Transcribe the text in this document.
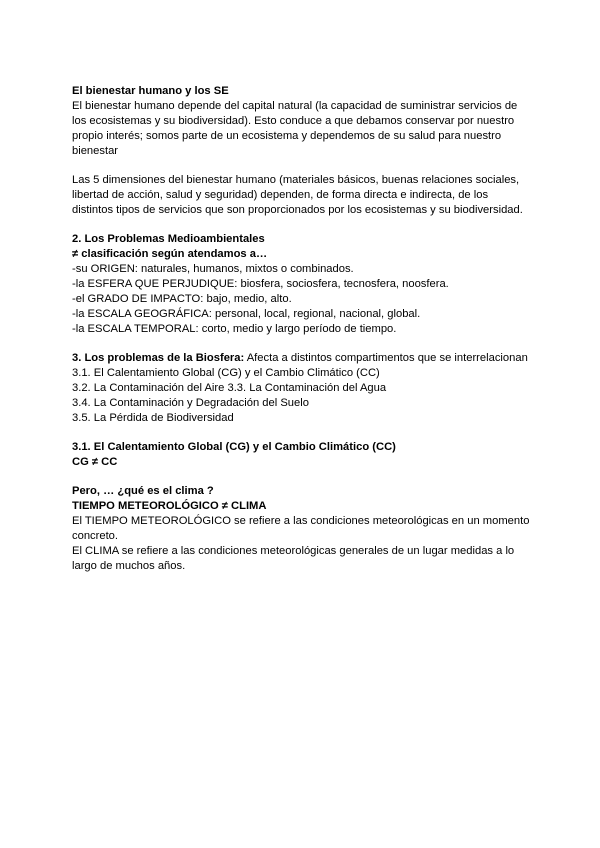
El bienestar humano y los SE

El bienestar humano depende del capital natural (la capacidad de suministrar servicios de los ecosistemas y su biodiversidad). Esto conduce a que debamos conservar por nuestro propio interés; somos parte de un ecosistema y dependemos de su salud para nuestro bienestar

Las 5 dimensiones del bienestar humano (materiales básicos, buenas relaciones sociales, libertad de acción, salud y seguridad) dependen, de forma directa e indirecta, de los distintos tipos de servicios que son proporcionados por los ecosistemas y su biodiversidad.

2. Los Problemas Medioambientales

≠ clasificación según atendamos a…

-su ORIGEN: naturales, humanos, mixtos o combinados.

-la ESFERA QUE PERJUDIQUE: biosfera, sociosfera, tecnosfera, noosfera.

-el GRADO DE IMPACTO: bajo, medio, alto.

-la ESCALA GEOGRÁFICA: personal, local, regional, nacional, global.

-la ESCALA TEMPORAL: corto, medio y largo período de tiempo.

3. Los problemas de la Biosfera: Afecta a distintos compartimentos que se interrelacionan

3.1. El Calentamiento Global (CG) y el Cambio Climático (CC)

3.2. La Contaminación del Aire 3.3. La Contaminación del Agua

3.4. La Contaminación y Degradación del Suelo

3.5. La Pérdida de Biodiversidad

3.1. El Calentamiento Global (CG) y el Cambio Climático (CC)

CG ≠ CC

Pero, … ¿qué es el clima ?

TIEMPO METEOROLÓGICO ≠ CLIMA

El TIEMPO METEOROLÓGICO se refiere a las condiciones meteorológicas en un momento concreto.

El CLIMA se refiere a las condiciones meteorológicas generales de un lugar medidas a lo largo de muchos años.
